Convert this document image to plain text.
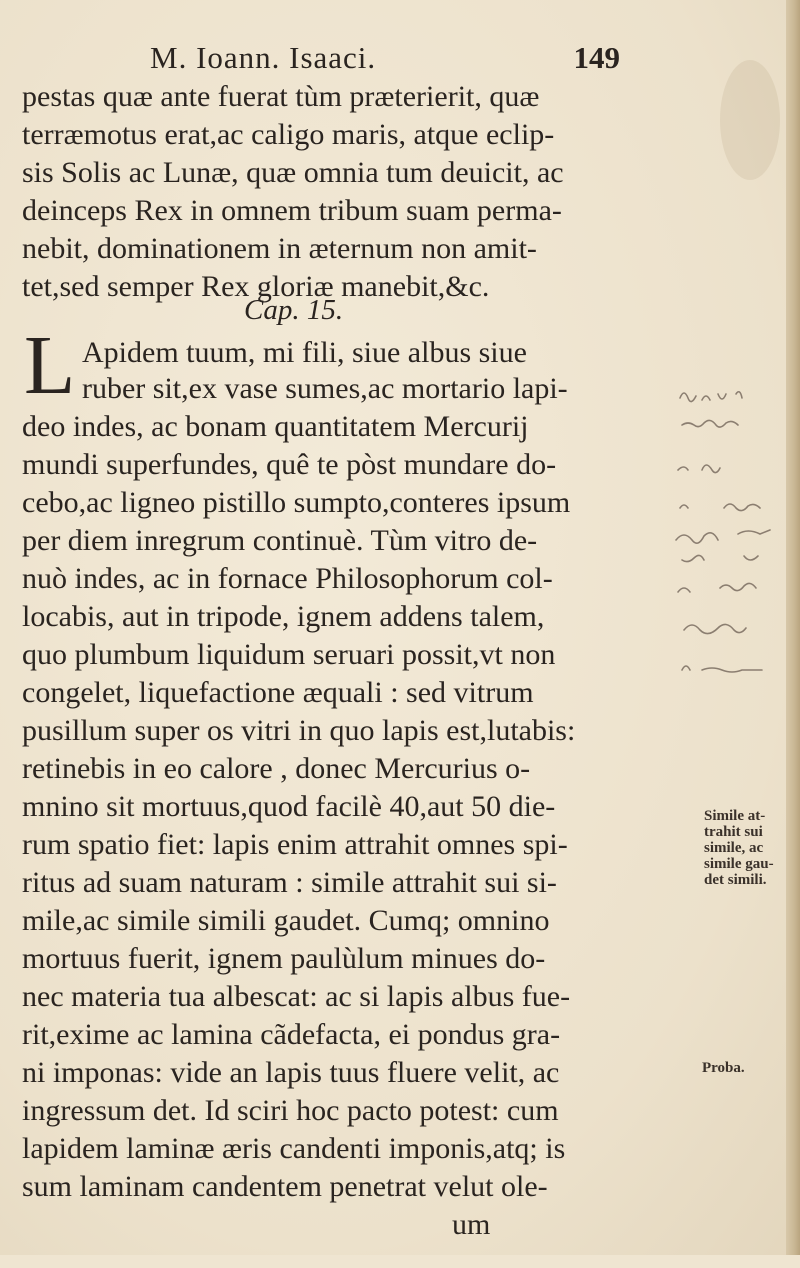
M. Ioann. Isaaci.	149
pestas quæ ante fuerat tùm præterierit, quæ
terræmotus erat,ac caligo maris, atque eclip-
sis Solis ac Lunæ, quæ omnia tum deuicit, ac
deinceps Rex in omnem tribum suam perma-
nebit, dominationem in æternum non amit-
tet,sed semper Rex gloriæ manebit,&c.
Cap. 15.
L Apidem tuum, mi fili, siue albus siue
ruber sit,ex vase sumes,ac mortario lapi-
deo indes, ac bonam quantitatem Mercurij
mundi superfundes, quê te pòst mundare do-
cebo,ac ligneo pistillo sumpto,conteres ipsum
per diem inregrum continuè. Tùm vitro de-
nuò indes, ac in fornace Philosophorum col-
locabis, aut in tripode, ignem addens talem,
quo plumbum liquidum seruari possit,vt non
congelet, liquefactione æquali : sed vitrum
pusillum super os vitri in quo lapis est,lutabis:
retinebis in eo calore , donec Mercurius o-
mnino sit mortuus,quod facilè 40,aut 50 die-
rum spatio fiet: lapis enim attrahit omnes spi-
ritus ad suam naturam : simile attrahit sui si-
mile,ac simile simili gaudet. Cumq; omnino
mortuus fuerit, ignem paulùlum minues do-
nec materia tua albescat: ac si lapis albus fue-
rit,exime ac lamina cãdefacta, ei pondus gra-
ni imponas: vide an lapis tuus fluere velit, ac
ingressum det. Id sciri hoc pacto potest: cum
lapidem laminæ æris candenti imponis,atq; is
sum laminam candentem penetrat velut ole-
um
Simile at-trahit sui simile, ac simile gau-det simili.
Proba.
